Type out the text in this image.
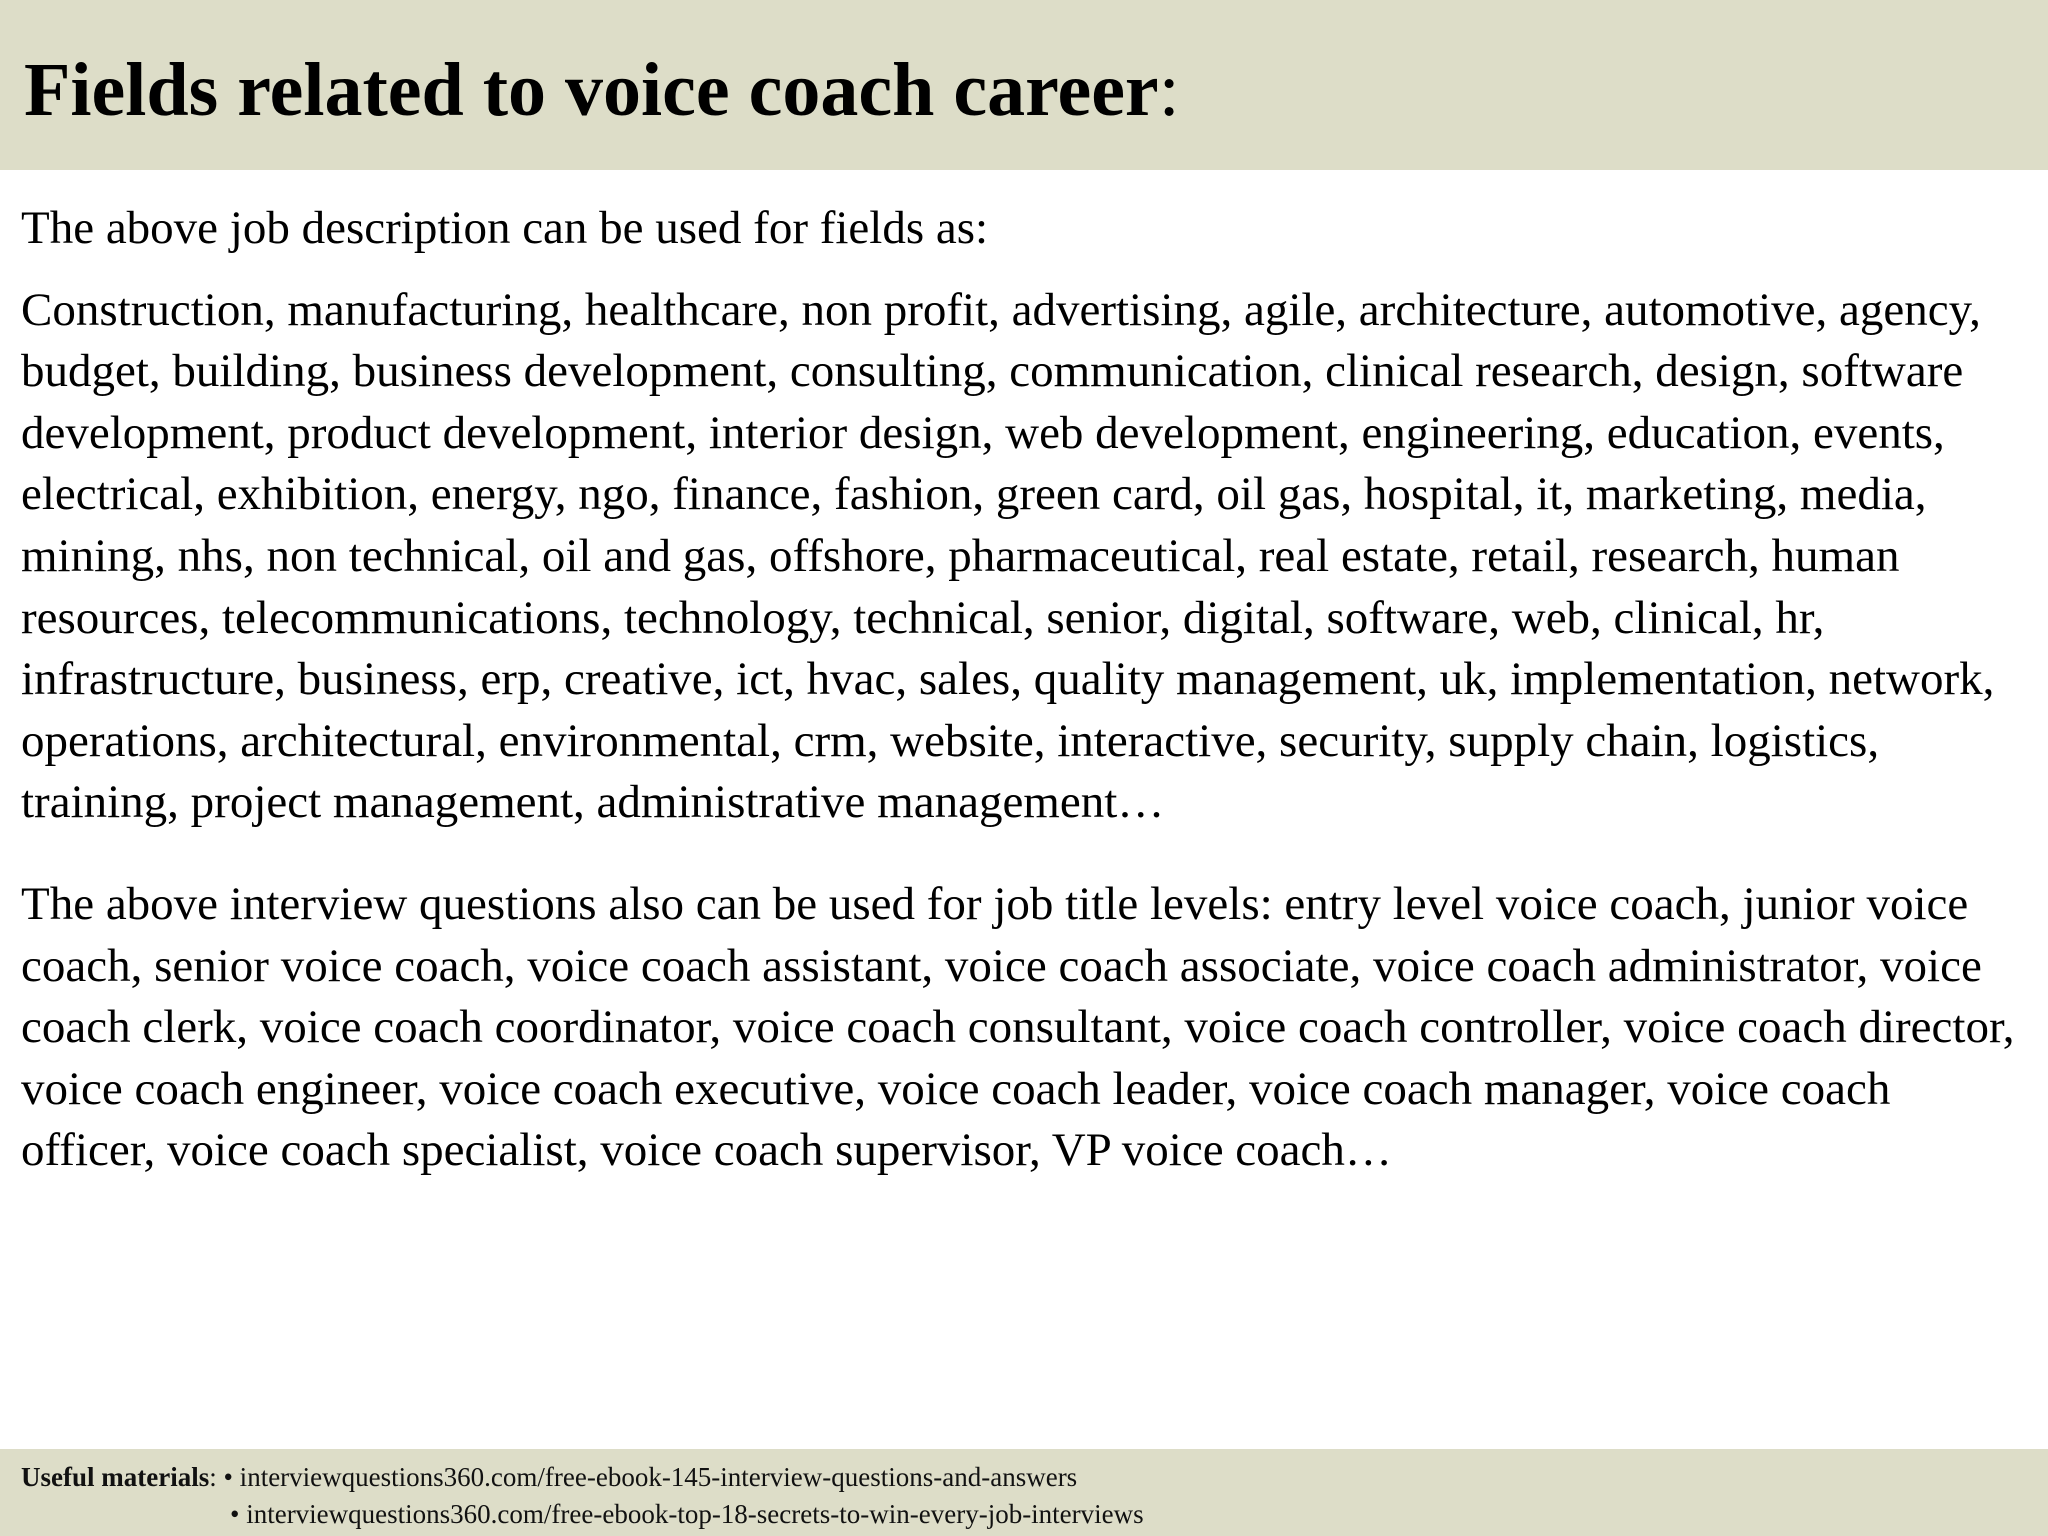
Fields related to voice coach career:

The above job description can be used for fields as:

Construction, manufacturing, healthcare, non profit, advertising, agile, architecture, automotive, agency, budget, building, business development, consulting, communication, clinical research, design, software development, product development, interior design, web development, engineering, education, events, electrical, exhibition, energy, ngo, finance, fashion, green card, oil gas, hospital, it, marketing, media, mining, nhs, non technical, oil and gas, offshore, pharmaceutical, real estate, retail, research, human resources, telecommunications, technology, technical, senior, digital, software, web, clinical, hr, infrastructure, business, erp, creative, ict, hvac, sales, quality management, uk, implementation, network, operations, architectural, environmental, crm, website, interactive, security, supply chain, logistics, training, project management, administrative management…

The above interview questions also can be used for job title levels: entry level voice coach, junior voice coach, senior voice coach, voice coach assistant, voice coach associate, voice coach administrator, voice coach clerk, voice coach coordinator, voice coach consultant, voice coach controller, voice coach director, voice coach engineer, voice coach executive, voice coach leader, voice coach manager, voice coach officer, voice coach specialist, voice coach supervisor, VP voice coach…

Useful materials: • interviewquestions360.com/free-ebook-145-interview-questions-and-answers
• interviewquestions360.com/free-ebook-top-18-secrets-to-win-every-job-interviews
